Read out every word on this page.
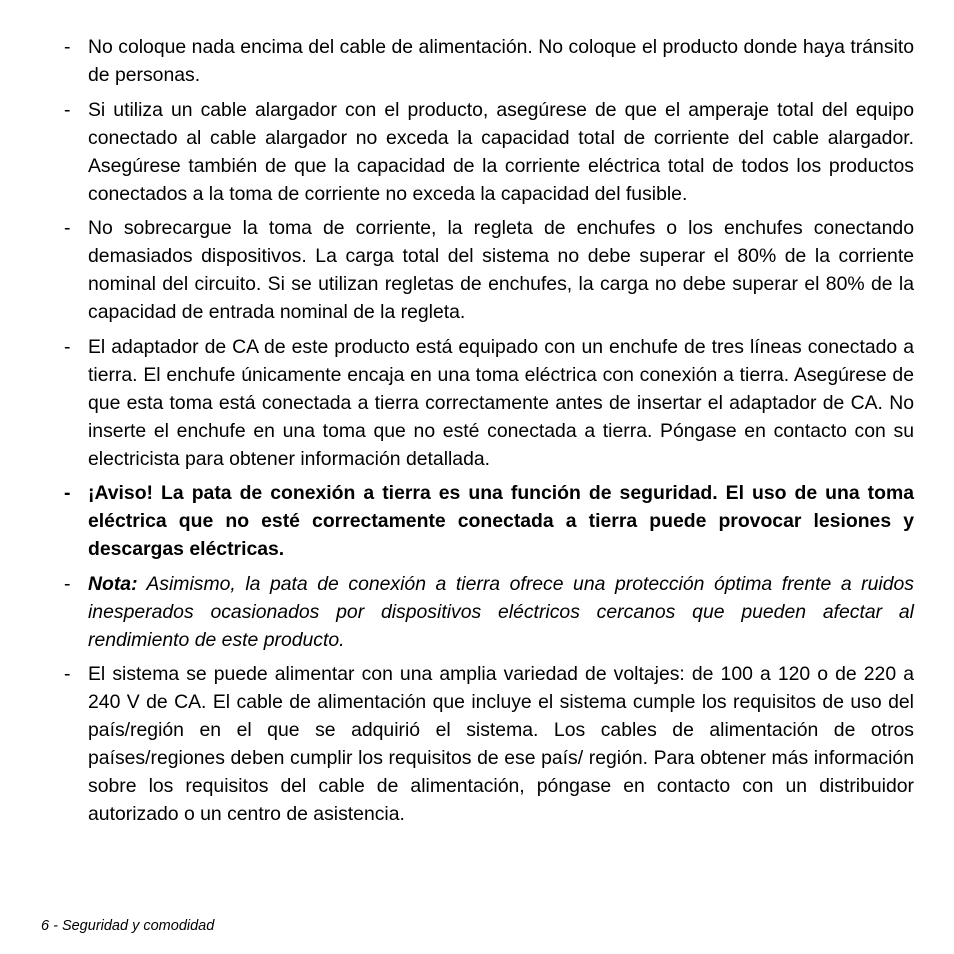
- No coloque nada encima del cable de alimentación. No coloque el producto donde haya tránsito de personas.
- Si utiliza un cable alargador con el producto, asegúrese de que el amperaje total del equipo conectado al cable alargador no exceda la capacidad total de corriente del cable alargador. Asegúrese también de que la capacidad de la corriente eléctrica total de todos los productos conectados a la toma de corriente no exceda la capacidad del fusible.
- No sobrecargue la toma de corriente, la regleta de enchufes o los enchufes conectando demasiados dispositivos. La carga total del sistema no debe superar el 80% de la corriente nominal del circuito. Si se utilizan regletas de enchufes, la carga no debe superar el 80% de la capacidad de entrada nominal de la regleta.
- El adaptador de CA de este producto está equipado con un enchufe de tres líneas conectado a tierra. El enchufe únicamente encaja en una toma eléctrica con conexión a tierra. Asegúrese de que esta toma está conectada a tierra correctamente antes de insertar el adaptador de CA. No inserte el enchufe en una toma que no esté conectada a tierra. Póngase en contacto con su electricista para obtener información detallada.
- ¡Aviso! La pata de conexión a tierra es una función de seguridad. El uso de una toma eléctrica que no esté correctamente conectada a tierra puede provocar lesiones y descargas eléctricas.
- Nota: Asimismo, la pata de conexión a tierra ofrece una protección óptima frente a ruidos inesperados ocasionados por dispositivos eléctricos cercanos que pueden afectar al rendimiento de este producto.
- El sistema se puede alimentar con una amplia variedad de voltajes: de 100 a 120 o de 220 a 240 V de CA. El cable de alimentación que incluye el sistema cumple los requisitos de uso del país/región en el que se adquirió el sistema. Los cables de alimentación de otros países/regiones deben cumplir los requisitos de ese país/ región. Para obtener más información sobre los requisitos del cable de alimentación, póngase en contacto con un distribuidor autorizado o un centro de asistencia.
6 - Seguridad y comodidad
